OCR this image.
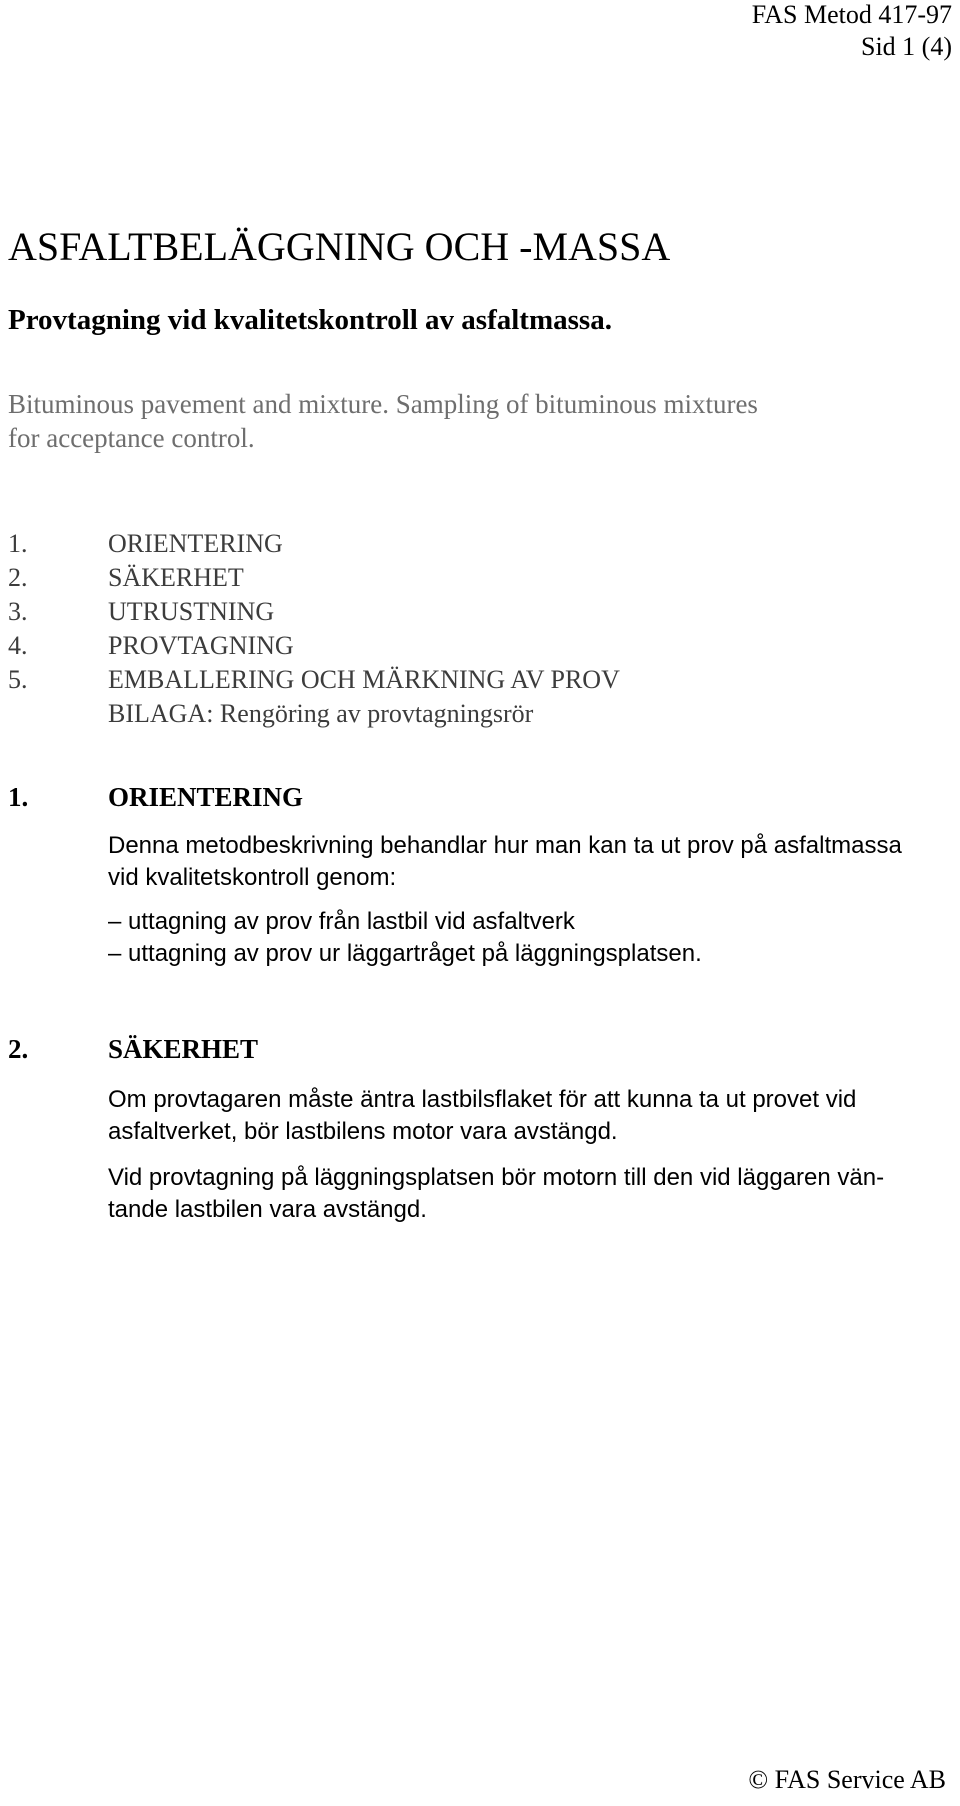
FAS Metod 417-97
Sid 1 (4)
ASFALTBELÄGGNING OCH -MASSA
Provtagning vid kvalitetskontroll av asfaltmassa.
Bituminous pavement and mixture. Sampling of bituminous mixtures
for acceptance control.
1.	ORIENTERING
2.	SÄKERHET
3.	UTRUSTNING
4.	PROVTAGNING
5.	EMBALLERING OCH MÄRKNING AV PROV
BILAGA: Rengöring av provtagningsrör
1.	ORIENTERING
Denna metodbeskrivning behandlar hur man kan ta ut prov på asfaltmassa
vid kvalitetskontroll genom:
– uttagning av prov från lastbil vid asfaltverk
– uttagning av prov ur läggartråget på läggningsplatsen.
2.	SÄKERHET
Om provtagaren måste äntra lastbilsflaket för att kunna ta ut provet vid
asfaltverket, bör lastbilens motor vara avstängd.
Vid provtagning på läggningsplatsen bör motorn till den vid läggaren vän-
tande lastbilen vara avstängd.
© FAS Service AB
